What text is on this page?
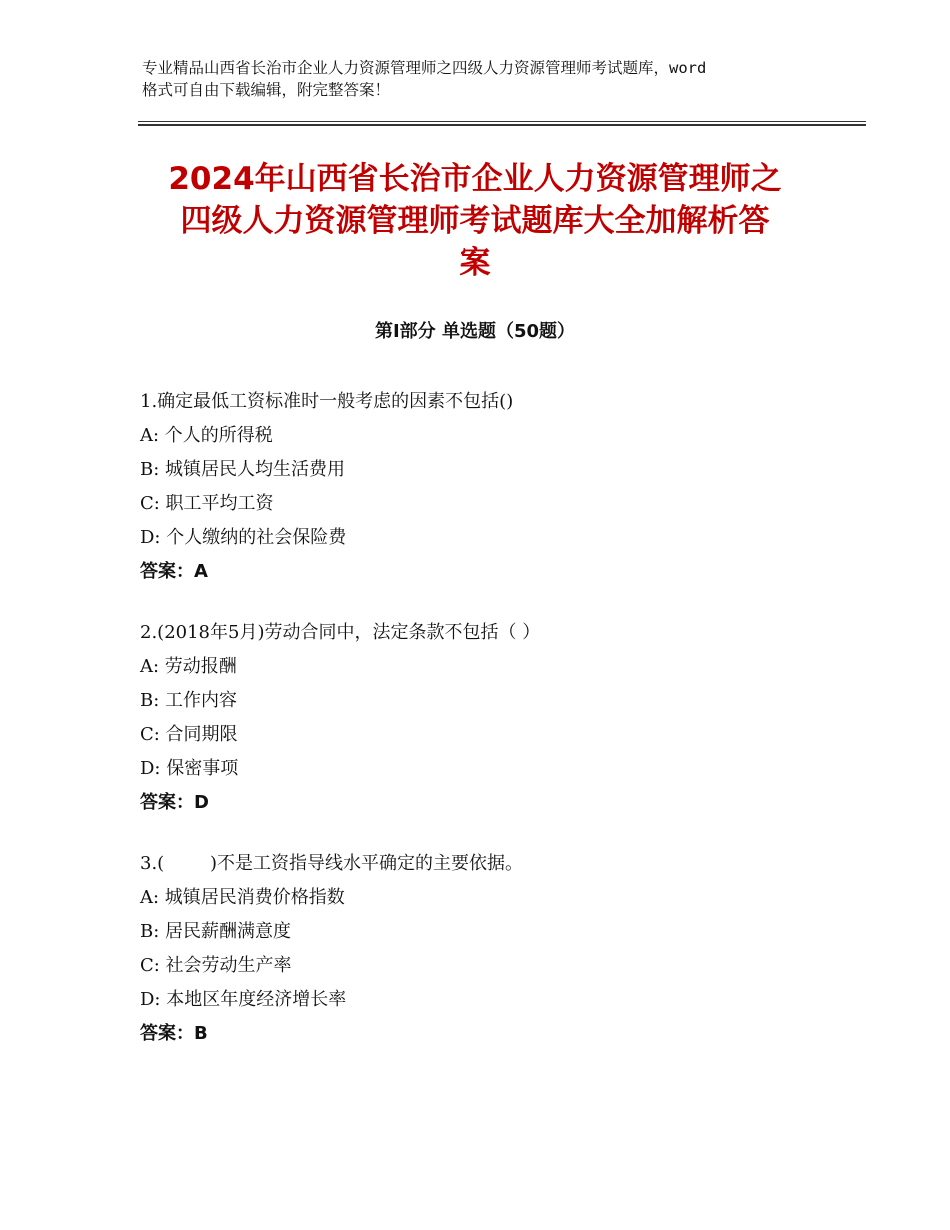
专业精品山西省长治市企业人力资源管理师之四级人力资源管理师考试题库，word
格式可自由下载编辑，附完整答案！
2024年山西省长治市企业人力资源管理师之
四级人力资源管理师考试题库大全加解析答
案
第Ⅰ部分 单选题（50题）
1.确定最低工资标准时一般考虑的因素不包括()
A: 个人的所得税
B: 城镇居民人均生活费用
C: 职工平均工资
D: 个人缴纳的社会保险费
答案：A
2.(2018年5月)劳动合同中，法定条款不包括（ ）
A: 劳动报酬
B: 工作内容
C: 合同期限
D: 保密事项
答案：D
3.(        )不是工资指导线水平确定的主要依据。
A: 城镇居民消费价格指数
B: 居民薪酬满意度
C: 社会劳动生产率
D: 本地区年度经济增长率
答案：B
